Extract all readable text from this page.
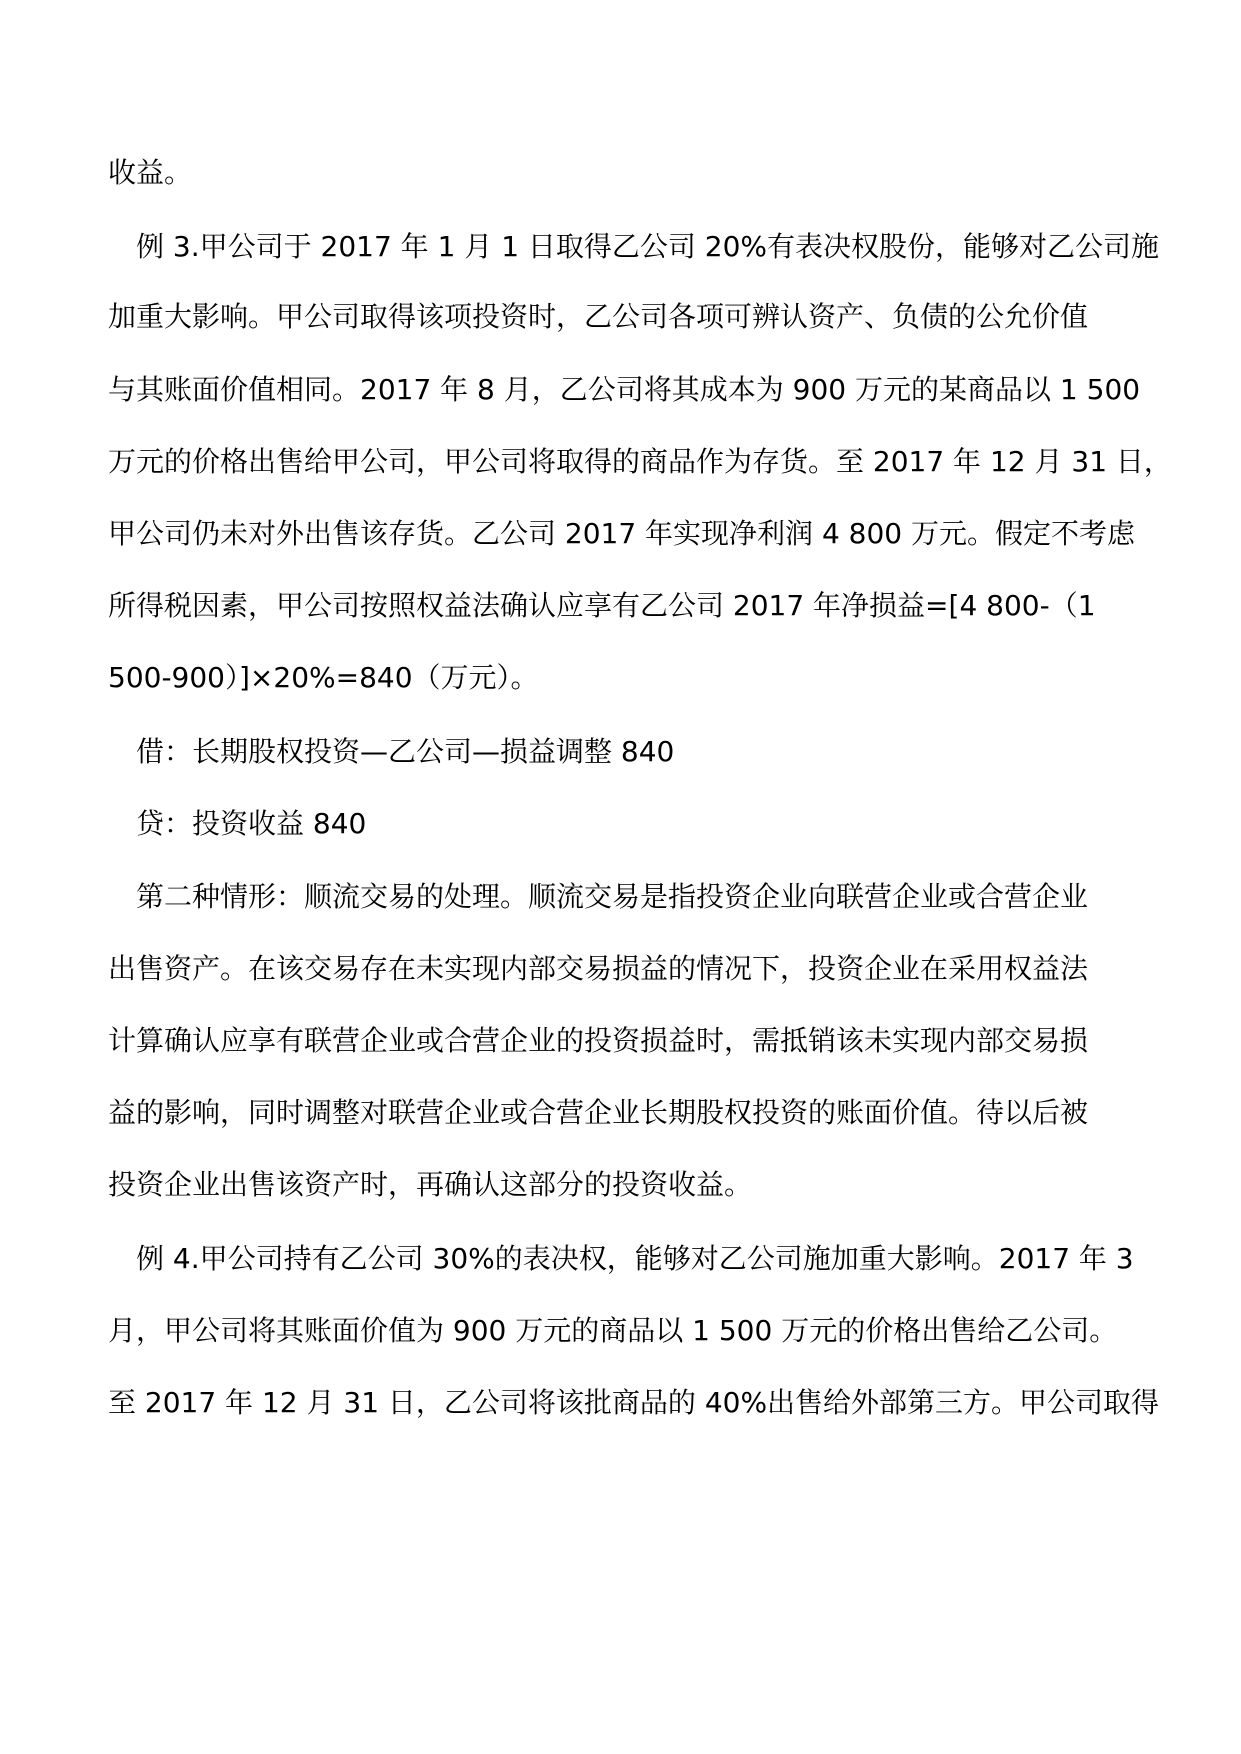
收益。
例 3.甲公司于 2017 年 1 月 1 日取得乙公司 20%有表决权股份，能够对乙公司施
加重大影响。甲公司取得该项投资时，乙公司各项可辨认资产、负债的公允价值
与其账面价值相同。2017 年 8 月，乙公司将其成本为 900 万元的某商品以 1 500
万元的价格出售给甲公司，甲公司将取得的商品作为存货。至 2017 年 12 月 31 日，
甲公司仍未对外出售该存货。乙公司 2017 年实现净利润 4 800 万元。假定不考虑
所得税因素，甲公司按照权益法确认应享有乙公司 2017 年净损益=[4 800-（1
500-900）]×20%=840（万元）。
借：长期股权投资—乙公司—损益调整 840
贷：投资收益 840
第二种情形：顺流交易的处理。顺流交易是指投资企业向联营企业或合营企业
出售资产。在该交易存在未实现内部交易损益的情况下，投资企业在采用权益法
计算确认应享有联营企业或合营企业的投资损益时，需抵销该未实现内部交易损
益的影响，同时调整对联营企业或合营企业长期股权投资的账面价值。待以后被
投资企业出售该资产时，再确认这部分的投资收益。
例 4.甲公司持有乙公司 30%的表决权，能够对乙公司施加重大影响。2017 年 3
月，甲公司将其账面价值为 900 万元的商品以 1 500 万元的价格出售给乙公司。
至 2017 年 12 月 31 日，乙公司将该批商品的 40%出售给外部第三方。甲公司取得
